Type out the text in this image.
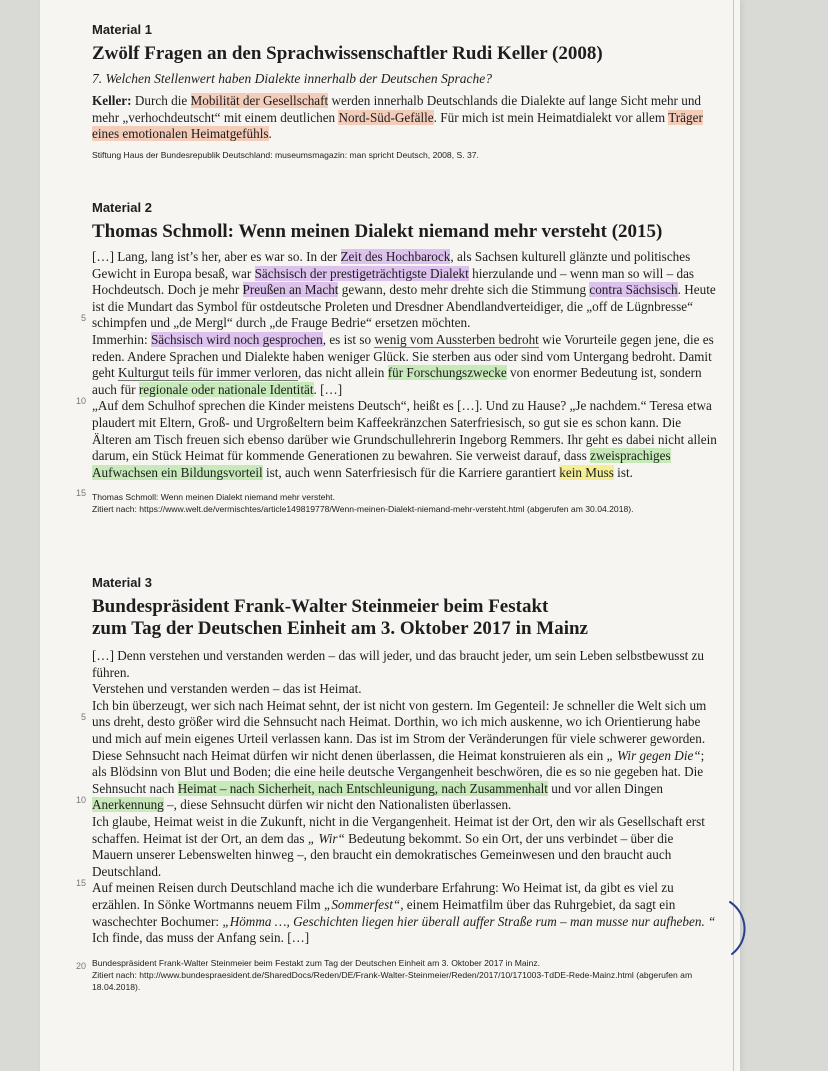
Material 1

Zwölf Fragen an den Sprachwissenschaftler Rudi Keller (2008)

7. Welchen Stellenwert haben Dialekte innerhalb der Deutschen Sprache?

Keller: Durch die Mobilität der Gesellschaft werden innerhalb Deutschlands die Dialekte auf lange Sicht mehr und mehr „verhochdeutscht“ mit einem deutlichen Nord-Süd-Gefälle. Für mich ist mein Heimatdialekt vor allem Träger eines emotionalen Heimatgefühls.

Stiftung Haus der Bundesrepublik Deutschland: museumsmagazin: man spricht Deutsch, 2008, S. 37.

Material 2

Thomas Schmoll: Wenn meinen Dialekt niemand mehr versteht (2015)

5
10
15

[…] Lang, lang ist’s her, aber es war so. In der Zeit des Hochbarock, als Sachsen kulturell glänzte und politisches Gewicht in Europa besaß, war Sächsisch der prestigeträchtigste Dialekt hierzulande und – wenn man so will – das Hochdeutsch. Doch je mehr Preußen an Macht gewann, desto mehr drehte sich die Stimmung contra Sächsisch. Heute ist die Mundart das Symbol für ostdeutsche Proleten und Dresdner Abendlandverteidiger, die „off de Lügnbresse“ schimpfen und „de Mergl“ durch „de Frauge Bedrie“ ersetzen möchten.

Immerhin: Sächsisch wird noch gesprochen, es ist so wenig vom Aussterben bedroht wie Vorurteile gegen jene, die es reden. Andere Sprachen und Dialekte haben weniger Glück. Sie sterben aus oder sind vom Untergang bedroht. Damit geht Kulturgut teils für immer verloren, das nicht allein für Forschungszwecke von enormer Bedeutung ist, sondern auch für regionale oder nationale Identität. […]

„Auf dem Schulhof sprechen die Kinder meistens Deutsch“, heißt es […]. Und zu Hause? „Je nachdem.“ Teresa etwa plaudert mit Eltern, Groß- und Urgroßeltern beim Kaffeekränzchen Saterfriesisch, so gut sie es schon kann. Die Älteren am Tisch freuen sich ebenso darüber wie Grundschullehrerin Ingeborg Remmers. Ihr geht es dabei nicht allein darum, ein Stück Heimat für kommende Generationen zu bewahren. Sie verweist darauf, dass zweisprachiges Aufwachsen ein Bildungsvorteil ist, auch wenn Saterfriesisch für die Karriere garantiert kein Muss ist.

Thomas Schmoll: Wenn meinen Dialekt niemand mehr versteht.
Zitiert nach: https://www.welt.de/vermischtes/article149819778/Wenn-meinen-Dialekt-niemand-mehr-versteht.html (abgerufen am 30.04.2018).

Material 3

Bundespräsident Frank-Walter Steinmeier beim Festakt
zum Tag der Deutschen Einheit am 3. Oktober 2017 in Mainz

5
10
15
20

[…] Denn verstehen und verstanden werden – das will jeder, und das braucht jeder, um sein Leben selbstbewusst zu führen.

Verstehen und verstanden werden – das ist Heimat.

Ich bin überzeugt, wer sich nach Heimat sehnt, der ist nicht von gestern. Im Gegenteil: Je schneller die Welt sich um uns dreht, desto größer wird die Sehnsucht nach Heimat. Dorthin, wo ich mich auskenne, wo ich Orientierung habe und mich auf mein eigenes Urteil verlassen kann. Das ist im Strom der Veränderungen für viele schwerer geworden.

Diese Sehnsucht nach Heimat dürfen wir nicht denen überlassen, die Heimat konstruieren als ein „ Wir gegen Die“; als Blödsinn von Blut und Boden; die eine heile deutsche Vergangenheit beschwören, die es so nie gegeben hat. Die Sehnsucht nach Heimat – nach Sicherheit, nach Entschleunigung, nach Zusammenhalt und vor allen Dingen Anerkennung –, diese Sehnsucht dürfen wir nicht den Nationalisten überlassen.

Ich glaube, Heimat weist in die Zukunft, nicht in die Vergangenheit. Heimat ist der Ort, den wir als Gesellschaft erst schaffen. Heimat ist der Ort, an dem das „ Wir“ Bedeutung bekommt. So ein Ort, der uns verbindet – über die Mauern unserer Lebenswelten hinweg –, den braucht ein demokratisches Gemeinwesen und den braucht auch Deutschland.

Auf meinen Reisen durch Deutschland mache ich die wunderbare Erfahrung: Wo Heimat ist, da gibt es viel zu erzählen. In Sönke Wortmanns neuem Film „Sommerfest“, einem Heimatfilm über das Ruhrgebiet, da sagt ein waschechter Bochumer: „Hömma …, Geschichten liegen hier überall auffer Straße rum – man musse nur aufheben. “

Ich finde, das muss der Anfang sein. […]

Bundespräsident Frank-Walter Steinmeier beim Festakt zum Tag der Deutschen Einheit am 3. Oktober 2017 in Mainz.
Zitiert nach: http://www.bundespraesident.de/SharedDocs/Reden/DE/Frank-Walter-Steinmeier/Reden/2017/10/171003-TdDE-Rede-Mainz.html (abgerufen am 18.04.2018).
